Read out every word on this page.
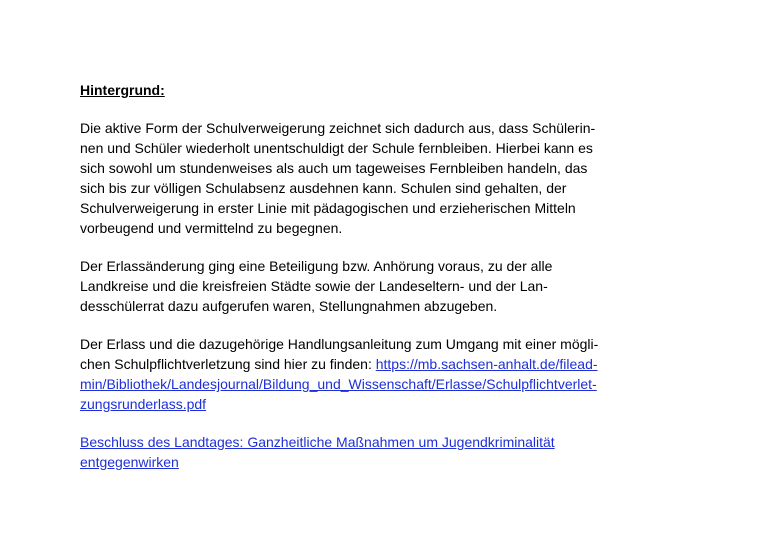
Hintergrund:
Die aktive Form der Schulverweigerung zeichnet sich dadurch aus, dass Schülerin-
nen und Schüler wiederholt unentschuldigt der Schule fernbleiben. Hierbei kann es
sich sowohl um stundenweises als auch um tageweises Fernbleiben handeln, das
sich bis zur völligen Schulabsenz ausdehnen kann. Schulen sind gehalten, der
Schulverweigerung in erster Linie mit pädagogischen und erzieherischen Mitteln
vorbeugend und vermittelnd zu begegnen.
Der Erlassänderung ging eine Beteiligung bzw. Anhörung voraus, zu der alle
Landkreise und die kreisfreien Städte sowie der Landeseltern- und der Lan-
desschülerrat dazu aufgerufen waren, Stellungnahmen abzugeben.
Der Erlass und die dazugehörige Handlungsanleitung zum Umgang mit einer mögli-
chen Schulpflichtverletzung sind hier zu finden: https://mb.sachsen-anhalt.de/filead-
min/Bibliothek/Landesjournal/Bildung_und_Wissenschaft/Erlasse/Schulpflichtverlet-
zungsrunderlass.pdf
Beschluss des Landtages: Ganzheitliche Maßnahmen um Jugendkriminalität
entgegenwirken
